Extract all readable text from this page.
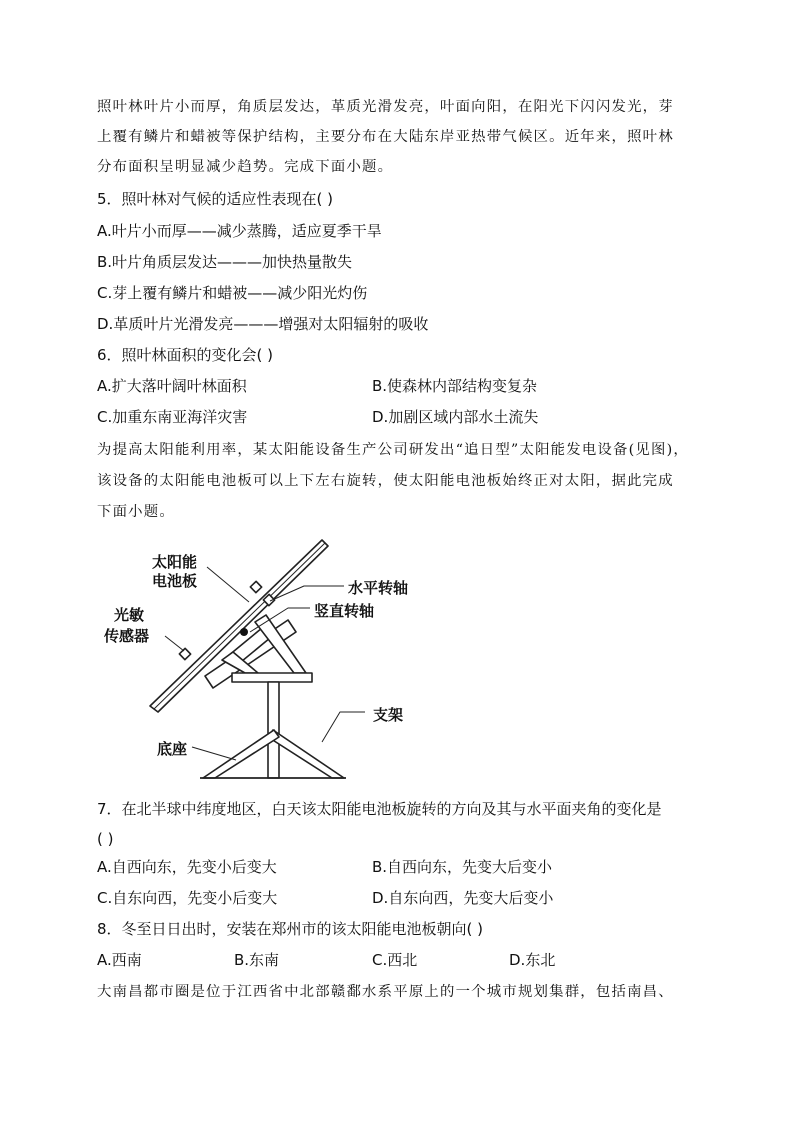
照叶林叶片小而厚，角质层发达，革质光滑发亮，叶面向阳，在阳光下闪闪发光，芽
上覆有鳞片和蜡被等保护结构，主要分布在大陆东岸亚热带气候区。近年来，照叶林
分布面积呈明显减少趋势。完成下面小题。
5．照叶林对气候的适应性表现在( )
A.叶片小而厚——减少蒸腾，适应夏季干旱
B.叶片角质层发达———加快热量散失
C.芽上覆有鳞片和蜡被——减少阳光灼伤
D.革质叶片光滑发亮———增强对太阳辐射的吸收
6．照叶林面积的变化会( )
A.扩大落叶阔叶林面积	B.使森林内部结构变复杂
C.加重东南亚海洋灾害	D.加剧区域内部水土流失
为提高太阳能利用率，某太阳能设备生产公司研发出“追日型”太阳能发电设备(见图)，
该设备的太阳能电池板可以上下左右旋转，使太阳能电池板始终正对太阳，据此完成
下面小题。
太阳能
电池板	水平转轴
竖直转轴
光敏
传感器
支架
底座
7．在北半球中纬度地区，白天该太阳能电池板旋转的方向及其与水平面夹角的变化是
( )
A.自西向东，先变小后变大	B.自西向东，先变大后变小
C.自东向西，先变小后变大	D.自东向西，先变大后变小
8．冬至日日出时，安装在郑州市的该太阳能电池板朝向( )
A.西南	B.东南	C.西北	D.东北
大南昌都市圈是位于江西省中北部赣鄱水系平原上的一个城市规划集群，包括南昌、
